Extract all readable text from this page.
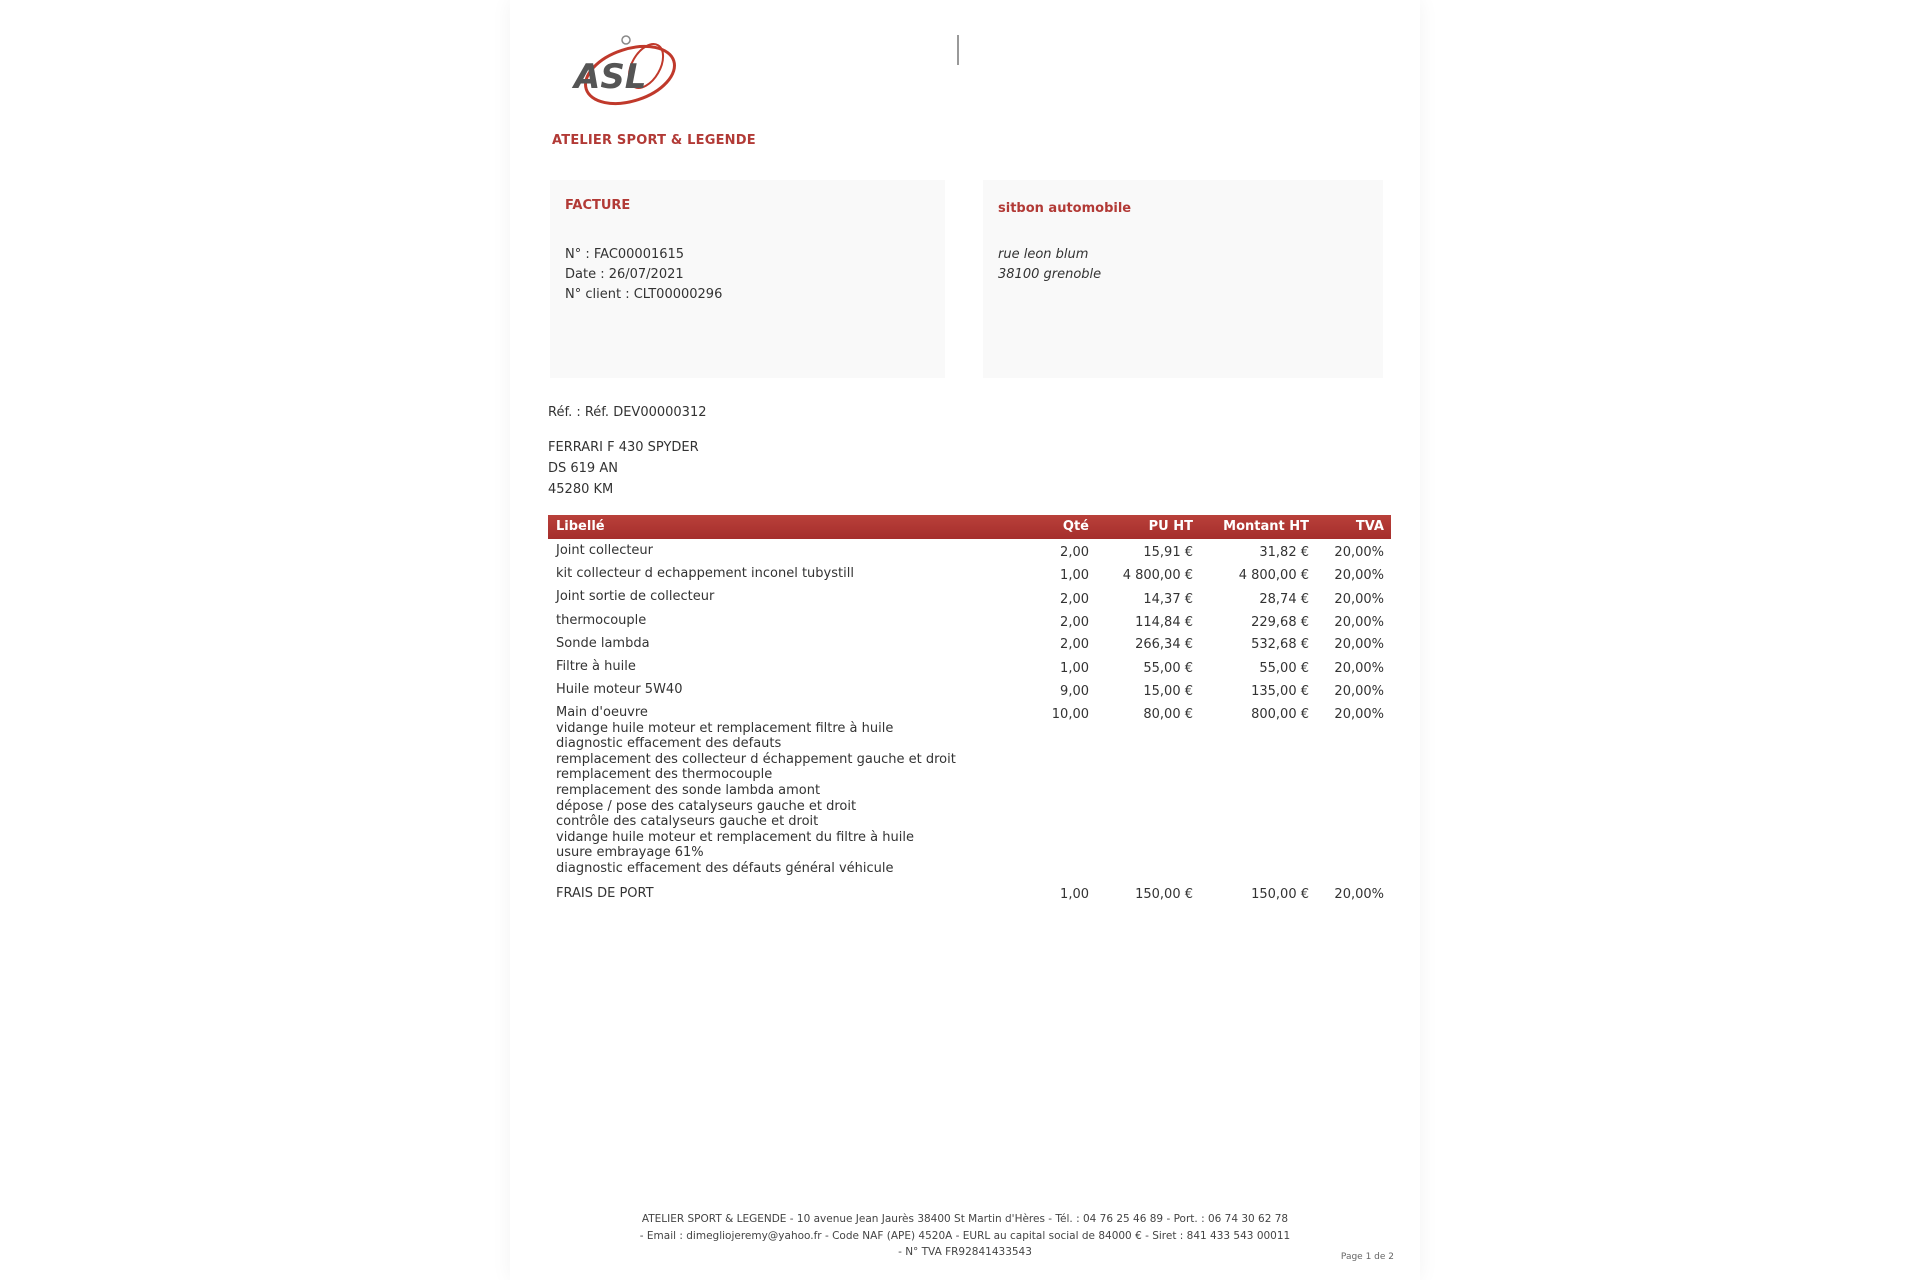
ASL
ATELIER SPORT & LEGENDE
FACTURE	sitbon automobile
N° : FAC00001615
Date : 26/07/2021
N° client : CLT00000296
rue leon blum
38100 grenoble
Réf. : Réf. DEV00000312
FERRARI F 430 SPYDER
DS 619 AN
45280 KM
Libellé	Qté	PU HT Montant HT	TVA
Joint collecteur	2,00	15,91 €	31,82 € 20,00%
kit collecteur d echappement inconel tubystill	1,00	4 800,00 €	4 800,00 € 20,00%
Joint sortie de collecteur	2,00	14,37 €	28,74 € 20,00%
thermocouple	2,00	114,84 €	229,68 € 20,00%
Sonde lambda	2,00	266,34 €	532,68 € 20,00%
Filtre à huile	1,00	55,00 €	55,00 € 20,00%
Huile moteur 5W40	9,00	15,00 €	135,00 € 20,00%
Main d'oeuvre
vidange huile moteur et remplacement filtre à huile
diagnostic effacement des defauts
remplacement des collecteur d échappement gauche et droit
remplacement des thermocouple
remplacement des sonde lambda amont
dépose / pose des catalyseurs gauche et droit
contrôle des catalyseurs gauche et droit
vidange huile moteur et remplacement du filtre à huile
usure embrayage 61%
diagnostic effacement des défauts général véhicule
10,00	80,00 €	800,00 € 20,00%
FRAIS DE PORT	1,00	150,00 €	150,00 € 20,00%
ATELIER SPORT & LEGENDE - 10 avenue Jean Jaurès 38400 St Martin d'Hères - Tél. : 04 76 25 46 89 - Port. : 06 74 30 62 78
- Email : dimegliojeremy@yahoo.fr - Code NAF (APE) 4520A - EURL au capital social de 84000 € - Siret : 841 433 543 00011
- N° TVA FR92841433543	Page 1 de 2
